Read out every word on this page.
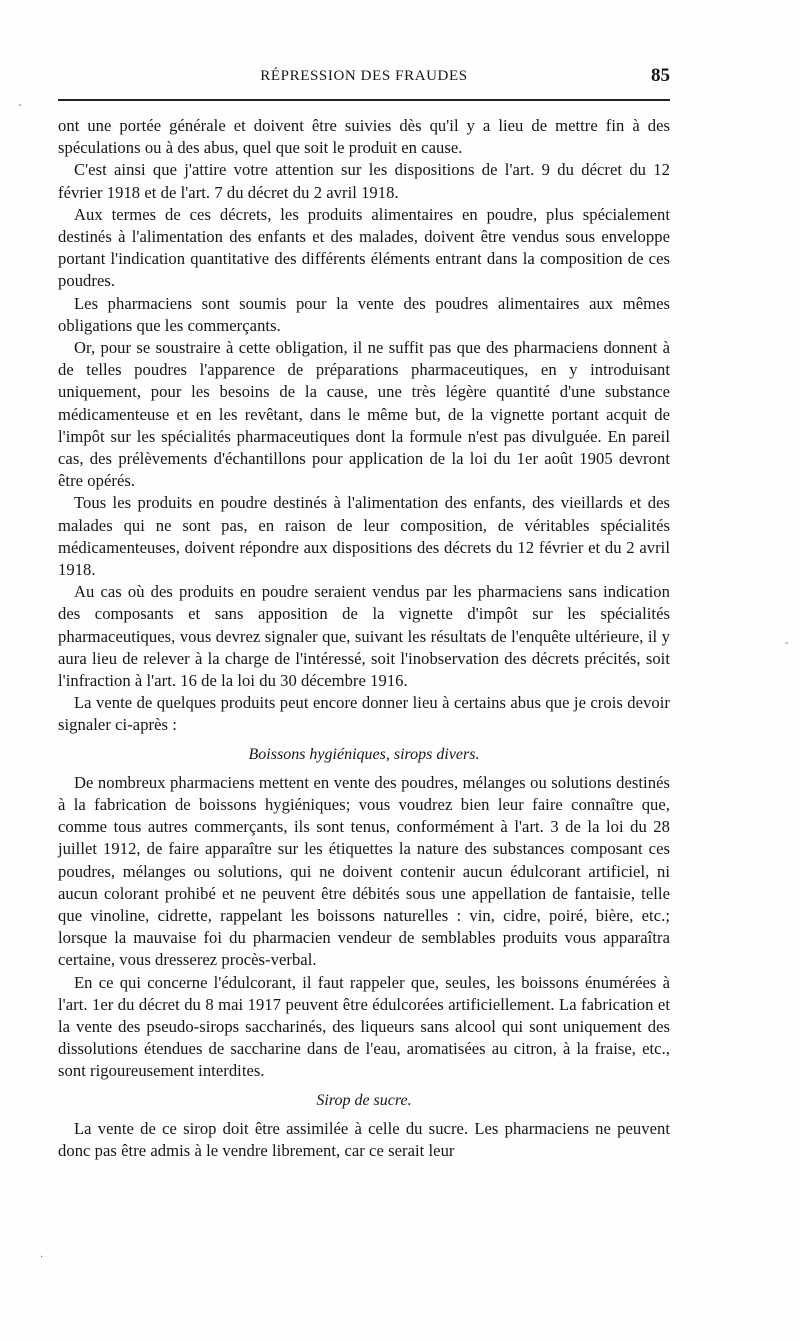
RÉPRESSION DES FRAUDES	85

ont une portée générale et doivent être suivies dès qu'il y a lieu de mettre fin à des spéculations ou à des abus, quel que soit le produit en cause.

C'est ainsi que j'attire votre attention sur les dispositions de l'art. 9 du décret du 12 février 1918 et de l'art. 7 du décret du 2 avril 1918.

Aux termes de ces décrets, les produits alimentaires en poudre, plus spécialement destinés à l'alimentation des enfants et des malades, doivent être vendus sous enveloppe portant l'indication quantitative des différents éléments entrant dans la composition de ces poudres.

Les pharmaciens sont soumis pour la vente des poudres alimentaires aux mêmes obligations que les commerçants.

Or, pour se soustraire à cette obligation, il ne suffit pas que des pharmaciens donnent à de telles poudres l'apparence de préparations pharmaceutiques, en y introduisant uniquement, pour les besoins de la cause, une très légère quantité d'une substance médicamenteuse et en les revêtant, dans le même but, de la vignette portant acquit de l'impôt sur les spécialités pharmaceutiques dont la formule n'est pas divulguée. En pareil cas, des prélèvements d'échantillons pour application de la loi du 1er août 1905 devront être opérés.

Tous les produits en poudre destinés à l'alimentation des enfants, des vieillards et des malades qui ne sont pas, en raison de leur composition, de véritables spécialités médicamenteuses, doivent répondre aux dispositions des décrets du 12 février et du 2 avril 1918.

Au cas où des produits en poudre seraient vendus par les pharmaciens sans indication des composants et sans apposition de la vignette d'impôt sur les spécialités pharmaceutiques, vous devrez signaler que, suivant les résultats de l'enquête ultérieure, il y aura lieu de relever à la charge de l'intéressé, soit l'inobservation des décrets précités, soit l'infraction à l'art. 16 de la loi du 30 décembre 1916.

La vente de quelques produits peut encore donner lieu à certains abus que je crois devoir signaler ci-après :

Boissons hygiéniques, sirops divers.

De nombreux pharmaciens mettent en vente des poudres, mélanges ou solutions destinés à la fabrication de boissons hygiéniques; vous voudrez bien leur faire connaître que, comme tous autres commerçants, ils sont tenus, conformément à l'art. 3 de la loi du 28 juillet 1912, de faire apparaître sur les étiquettes la nature des substances composant ces poudres, mélanges ou solutions, qui ne doivent contenir aucun édulcorant artificiel, ni aucun colorant prohibé et ne peuvent être débités sous une appellation de fantaisie, telle que vinoline, cidrette, rappelant les boissons naturelles : vin, cidre, poiré, bière, etc.; lorsque la mauvaise foi du pharmacien vendeur de semblables produits vous apparaîtra certaine, vous dresserez procès-verbal.

En ce qui concerne l'édulcorant, il faut rappeler que, seules, les boissons énumérées à l'art. 1er du décret du 8 mai 1917 peuvent être édulcorées artificiellement. La fabrication et la vente des pseudo-sirops saccharinés, des liqueurs sans alcool qui sont uniquement des dissolutions étendues de saccharine dans de l'eau, aromatisées au citron, à la fraise, etc., sont rigoureusement interdites.

Sirop de sucre.

La vente de ce sirop doit être assimilée à celle du sucre. Les pharmaciens ne peuvent donc pas être admis à le vendre librement, car ce serait leur

-
-
·
